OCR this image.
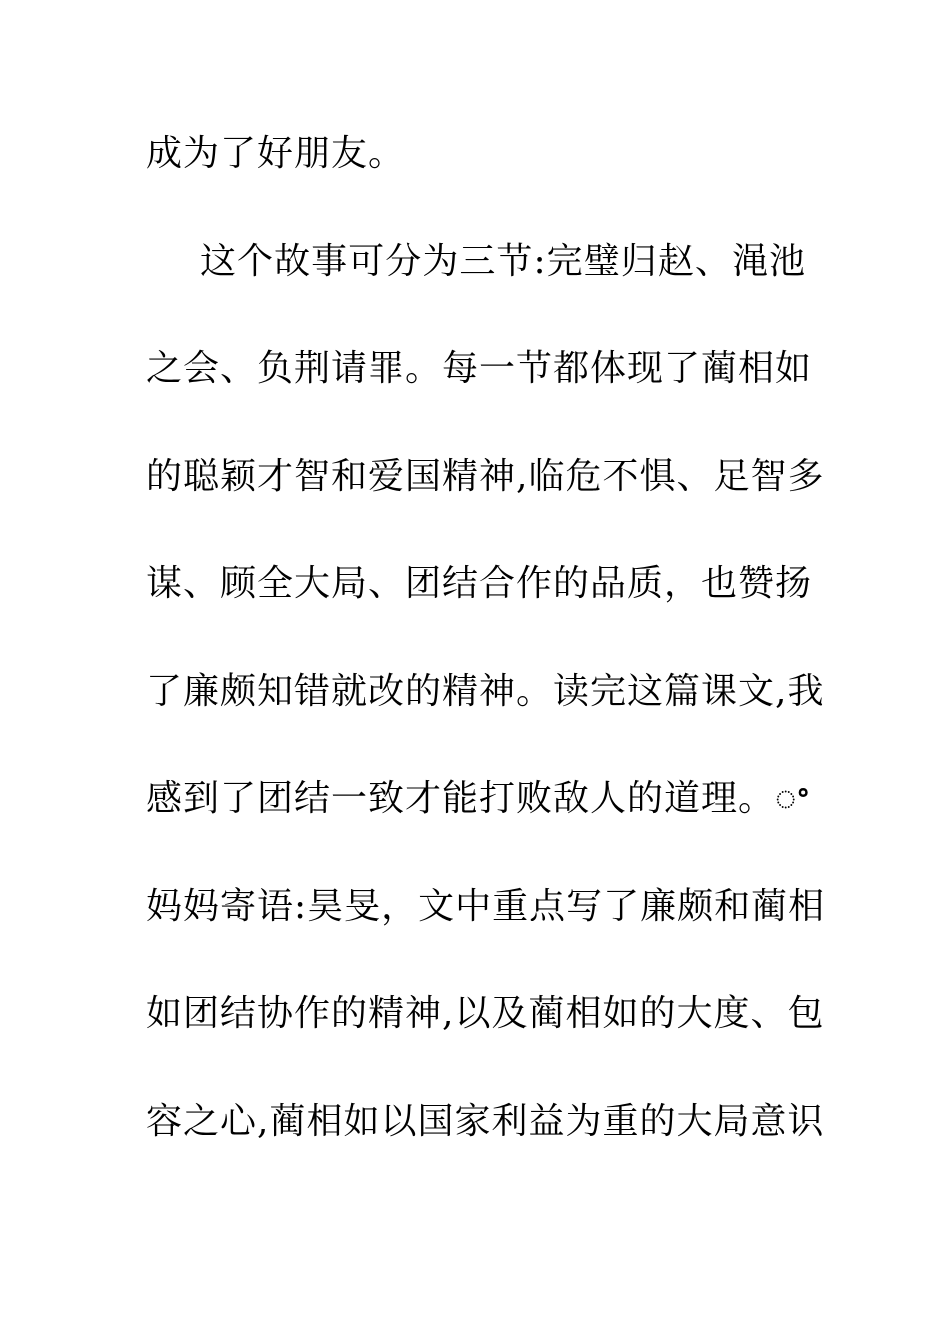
成为了好朋友。
这个故事可分为三节:完璧归赵、渑池
之会、负荆请罪。每一节都体现了蔺相如
的聪颖才智和爱国精神,临危不惧、足智多
谋、顾全大局、团结合作的品质，也赞扬
了廉颇知错就改的精神。读完这篇课文,我
感到了团结一致才能打败敌人的道理。ꢀ
妈妈寄语:昊旻，文中重点写了廉颇和蔺相
如团结协作的精神,以及蔺相如的大度、包
容之心,蔺相如以国家利益为重的大局意识
